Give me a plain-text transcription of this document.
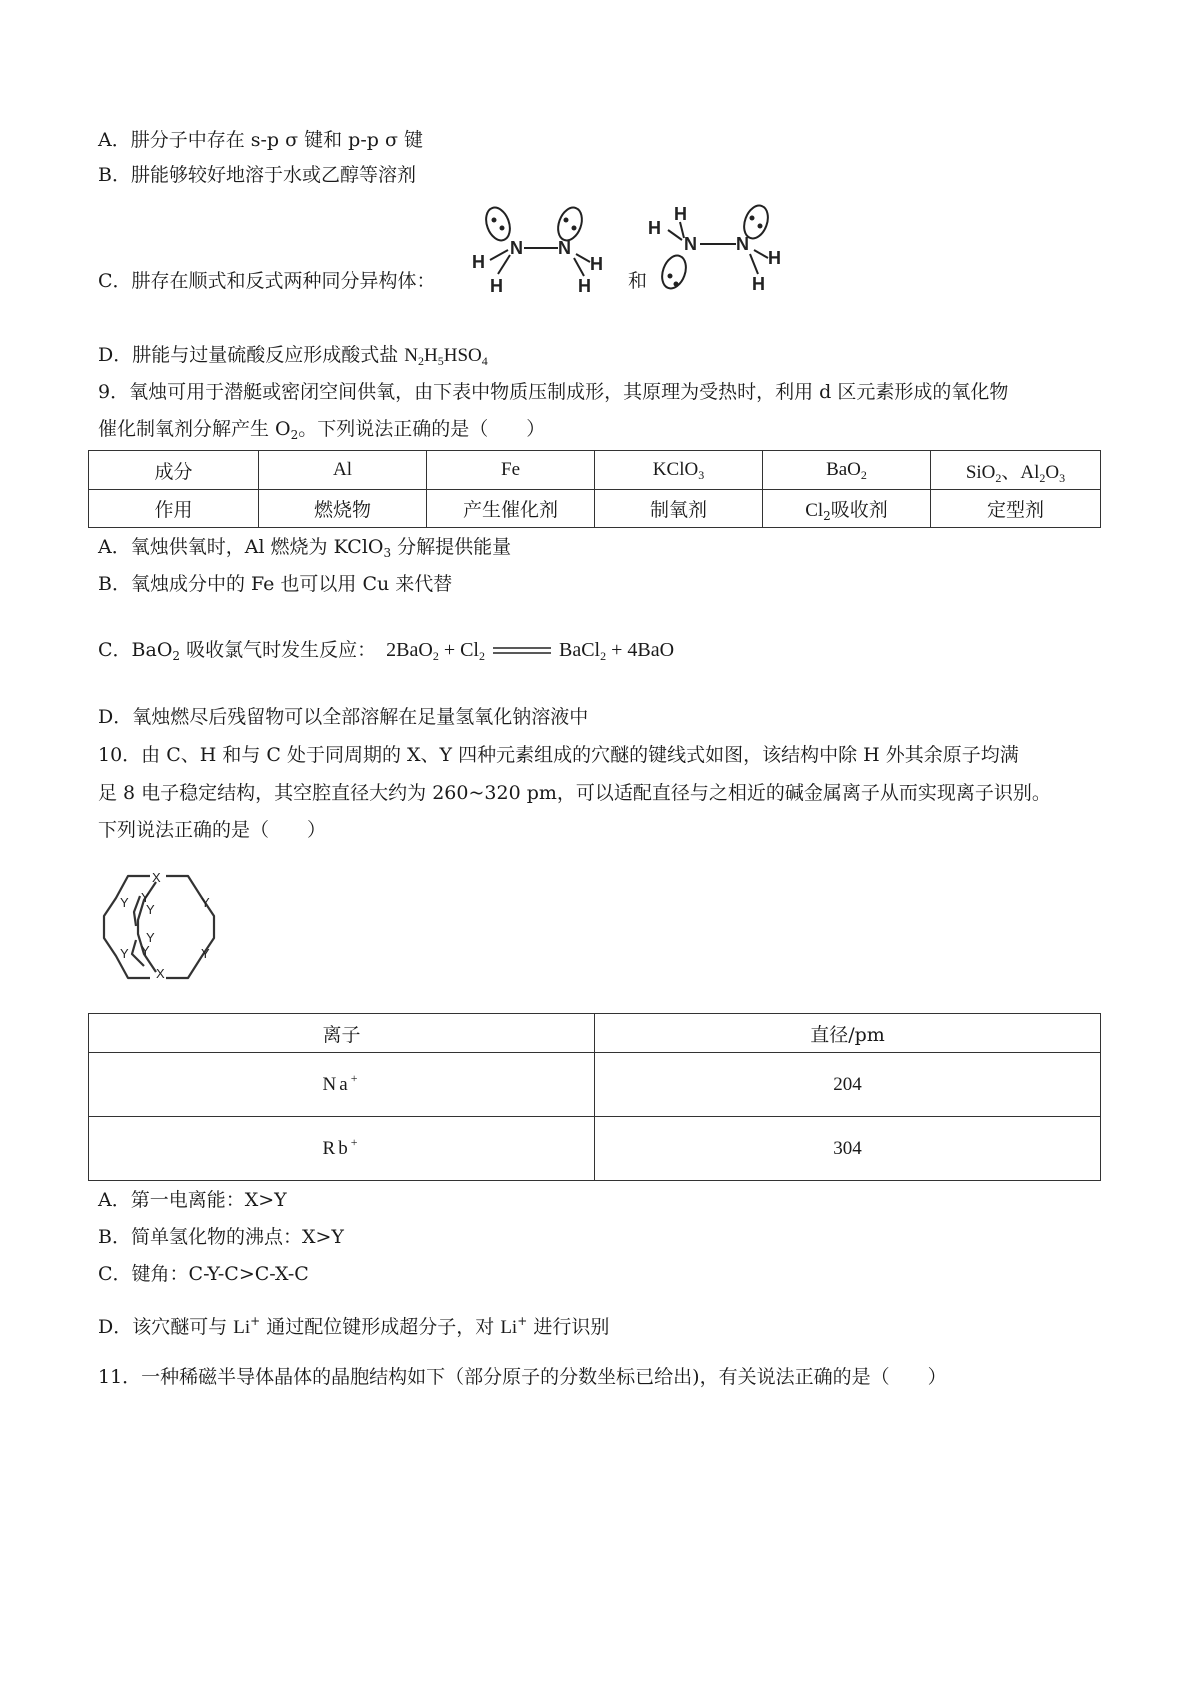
A．肼分子中存在 s-p σ 键和 p-p σ 键
B．肼能够较好地溶于水或乙醇等溶剂
C．肼存在顺式和反式两种同分异构体：
N N
H
H
H
H 和
N N
H
H
H
H
D．肼能与过量硫酸反应形成酸式盐 $N_2H_5HSO_4$
9．氧烛可用于潜艇或密闭空间供氧，由下表中物质压制成形，其原理为受热时，利用 d 区元素形成的氧化物
催化制氧剂分解产生 $O_2$。下列说法正确的是（　　）
成分	Al	Fe	KClO$_3$	BaO$_2$	SiO$_2$、$Al_2O_3$
作用	燃烧物	产生催化剂	制氧剂	$Cl_2$吸收剂	定型剂
A．氧烛供氧时，Al 燃烧为 KClO$_3$ 分解提供能量
B．氧烛成分中的 Fe 也可以用 Cu 来代替
C．BaO$_2$ 吸收氯气时发生反应： $2BaO_2 + Cl_2$	BaCl$_2$ + 4BaO
D．氧烛燃尽后残留物可以全部溶解在足量氢氧化钠溶液中
10．由 C、H 和与 C 处于同周期的 X、Y 四种元素组成的穴醚的键线式如图，该结构中除 H 外其余原子均满
足 8 电子稳定结构，其空腔直径大约为 260~320 pm，可以适配直径与之相近的碱金属离子从而实现离子识别。
下列说法正确的是（　　）
X
Y Y
Y	Y
Y Y	Y
Y
X
离子	直径/pm
Na+	204
Rb+	304
A．第一电离能：X>Y
B．简单氢化物的沸点：X>Y
C．键角：C-Y-C>C-X-C
D．该穴醚可与 Li+ 通过配位键形成超分子，对 Li+ 进行识别
11．一种稀磁半导体晶体的晶胞结构如下（部分原子的分数坐标已给出)，有关说法正确的是（　　）
